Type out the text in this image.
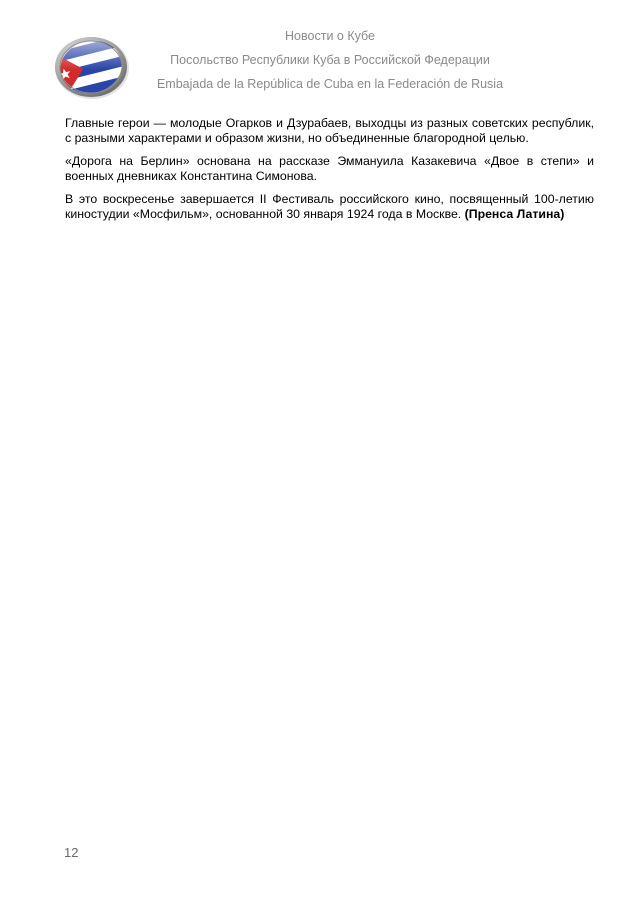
Новости о Кубе
Посольство Республики Куба в Российской Федерации
Embajada de la República de Cuba en la Federación de Rusia

Главные герои — молодые Огарков и Дзурабаев, выходцы из разных советских республик, с разными характерами и образом жизни, но объединенные благородной целью.

«Дорога на Берлин» основана на рассказе Эммануила Казакевича «Двое в степи» и военных дневниках Константина Симонова.

В это воскресенье завершается II Фестиваль российского кино, посвященный 100-летию киностудии «Мосфильм», основанной 30 января 1924 года в Москве. (Пренса Латина)

12
